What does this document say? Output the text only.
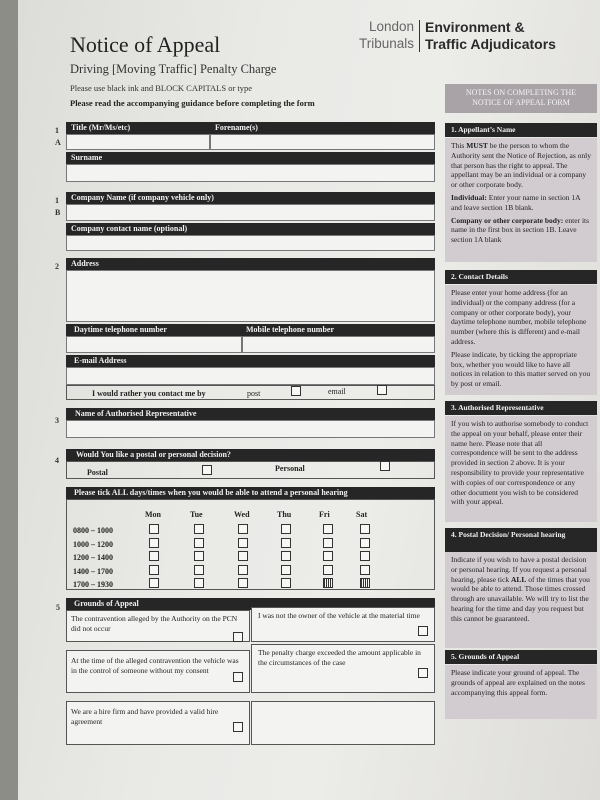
Notice of Appeal
Driving [Moving Traffic] Penalty Charge
Please use black ink and BLOCK CAPITALS or type
Please read the accompanying guidance before completing the form
London
Tribunals
Environment &
Traffic Adjudicators
1
A
Title (Mr/Ms/etc)	Forename(s)
Surname
1
B
Company Name (if company vehicle only)
Company contact name (optional)
2	Address
Daytime telephone number	Mobile telephone number
E-mail Address
I would rather you contact me by	post	email
3
Name of Authorised Representative
4
Would You like a postal or personal decision?
Postal	Personal
Please tick ALL days/times when you would be able to attend a personal hearing
Mon	Tue	Wed	Thu	Fri	Sat
0800 – 1000
1000 – 1200
1200 – 1400
1400 – 1700
1700 – 1930
5	Grounds of Appeal
The contravention alleged by the Authority on the PCN did not occur
I was not the owner of the vehicle at the material time
At the time of the alleged contravention the vehicle was in the control of someone without my consent
The penalty charge exceeded the amount applicable in the circumstances of the case
We are a hire firm and have provided a valid hire agreement
NOTES ON COMPLETING THE
NOTICE OF APPEAL FORM
1. Appellant’s Name

This MUST be the person to whom the Authority sent the Notice of Rejection, as only that person has the right to appeal. The appellant may be an individual or a company or other corporate body.

Individual: Enter your name in section 1A and leave section 1B blank.

Company or other corporate body: enter its name in the first box in section 1B. Leave section 1A blank

2. Contact Details

Please enter your home address (for an individual) or the company address (for a company or other corporate body), your daytime telephone number, mobile telephone number (where this is different) and e-mail address.

Please indicate, by ticking the appropriate box, whether you would like to have all notices in relation to this matter served on you by post or email.

3. Authorised Representative

If you wish to authorise somebody to conduct the appeal on your behalf, please enter their name here. Please note that all correspondence will be sent to the address provided in section 2 above. It is your responsibility to provide your representative with copies of our correspondence or any other document you wish to be considered with your appeal.

4. Postal Decision/ Personal hearing

Indicate if you wish to have a postal decision or personal hearing. If you request a personal hearing, please tick ALL of the times that you would be able to attend. Those times crossed through are unavailable. We will try to list the hearing for the time and day you request but this cannot be guaranteed.

5. Grounds of Appeal

Please indicate your ground of appeal. The grounds of appeal are explained on the notes accompanying this appeal form.
